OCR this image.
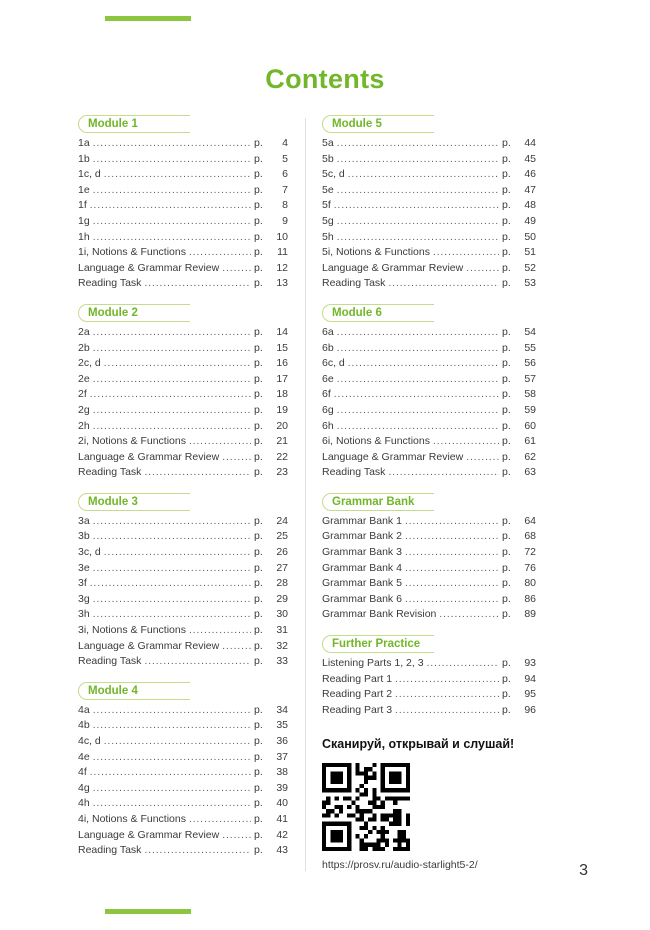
Contents
Module 1
1a .....	p.	4
1b .....	p.	5
1c, d .....	p.	6
1e .....	p.	7
1f .....	p.	8
1g .....	p.	9
1h .....	p.	10
1i, Notions & Functions .....	p.	11
Language & Grammar Review .....	p.	12
Reading Task .....	p.	13
Module 2
2a .....	p.	14
2b .....	p.	15
2c, d .....	p.	16
2e .....	p.	17
2f .....	p.	18
2g .....	p.	19
2h .....	p.	20
2i, Notions & Functions .....	p.	21
Language & Grammar Review .....	p.	22
Reading Task .....	p.	23
Module 3
3a .....	p.	24
3b .....	p.	25
3c, d .....	p.	26
3e .....	p.	27
3f .....	p.	28
3g .....	p.	29
3h .....	p.	30
3i, Notions & Functions .....	p.	31
Language & Grammar Review .....	p.	32
Reading Task .....	p.	33
Module 4
4a .....	p.	34
4b .....	p.	35
4c, d .....	p.	36
4e .....	p.	37
4f .....	p.	38
4g .....	p.	39
4h .....	p.	40
4i, Notions & Functions .....	p.	41
Language & Grammar Review .....	p.	42
Reading Task .....	p.	43
Module 5
5a .....	p.	44
5b .....	p.	45
5c, d .....	p.	46
5e .....	p.	47
5f .....	p.	48
5g .....	p.	49
5h .....	p.	50
5i, Notions & Functions .....	p.	51
Language & Grammar Review .....	p.	52
Reading Task .....	p.	53
Module 6
6a .....	p.	54
6b .....	p.	55
6c, d .....	p.	56
6e .....	p.	57
6f .....	p.	58
6g .....	p.	59
6h .....	p.	60
6i, Notions & Functions .....	p.	61
Language & Grammar Review .....	p.	62
Reading Task .....	p.	63
Grammar Bank
Grammar Bank 1 .....	p.	64
Grammar Bank 2 .....	p.	68
Grammar Bank 3 .....	p.	72
Grammar Bank 4 .....	p.	76
Grammar Bank 5 .....	p.	80
Grammar Bank 6 .....	p.	86
Grammar Bank Revision .....	p.	89
Further Practice
Listening Parts 1, 2, 3 .....	p.	93
Reading Part 1 .....	p.	94
Reading Part 2 .....	p.	95
Reading Part 3 .....	p.	96
Сканируй, открывай и слушай!
https://prosv.ru/audio-starlight5-2/	3
